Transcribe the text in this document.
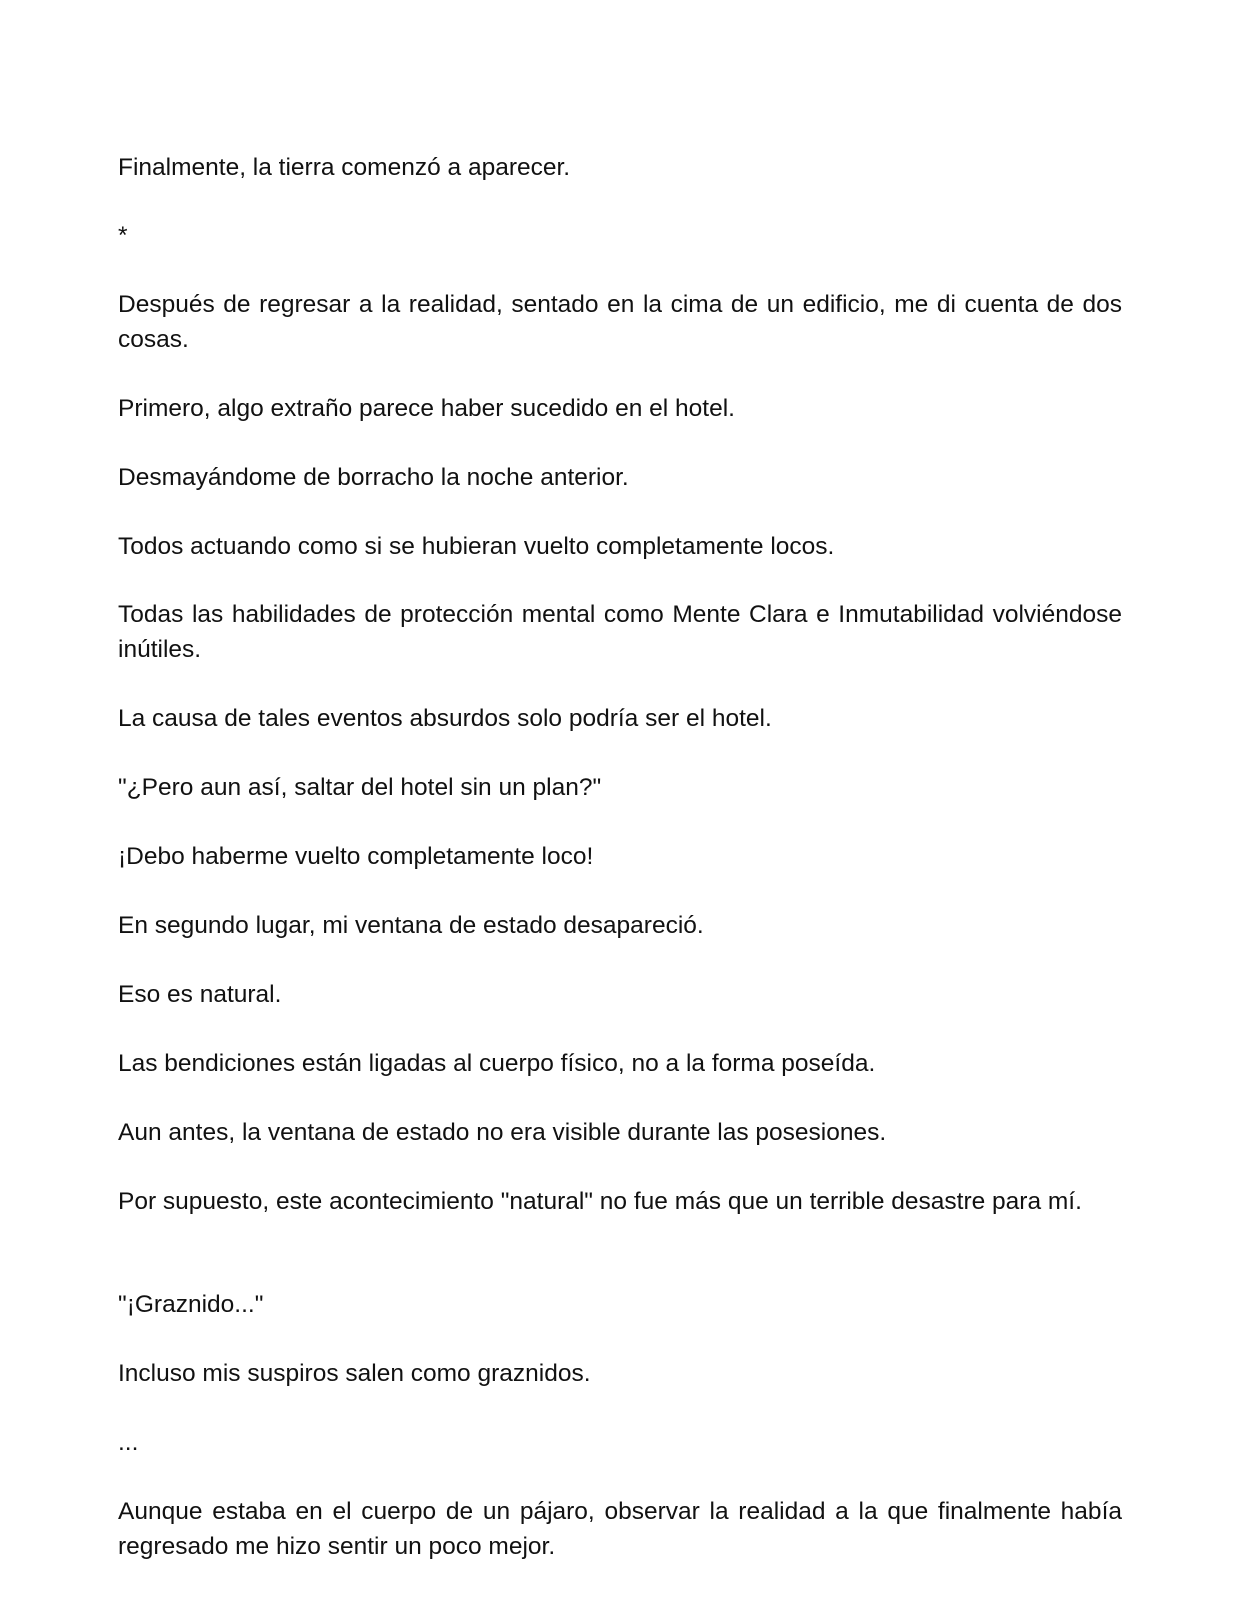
Finalmente, la tierra comenzó a aparecer.

*

Después de regresar a la realidad, sentado en la cima de un edificio, me di cuenta de dos cosas.

Primero, algo extraño parece haber sucedido en el hotel.

Desmayándome de borracho la noche anterior.

Todos actuando como si se hubieran vuelto completamente locos.

Todas las habilidades de protección mental como Mente Clara e Inmutabilidad volviéndose inútiles.

La causa de tales eventos absurdos solo podría ser el hotel.

"¿Pero aun así, saltar del hotel sin un plan?"

¡Debo haberme vuelto completamente loco!

En segundo lugar, mi ventana de estado desapareció.

Eso es natural.

Las bendiciones están ligadas al cuerpo físico, no a la forma poseída.

Aun antes, la ventana de estado no era visible durante las posesiones.

Por supuesto, este acontecimiento "natural" no fue más que un terrible desastre para mí.

"¡Graznido..."

Incluso mis suspiros salen como graznidos.

...

Aunque estaba en el cuerpo de un pájaro, observar la realidad a la que finalmente había regresado me hizo sentir un poco mejor.
